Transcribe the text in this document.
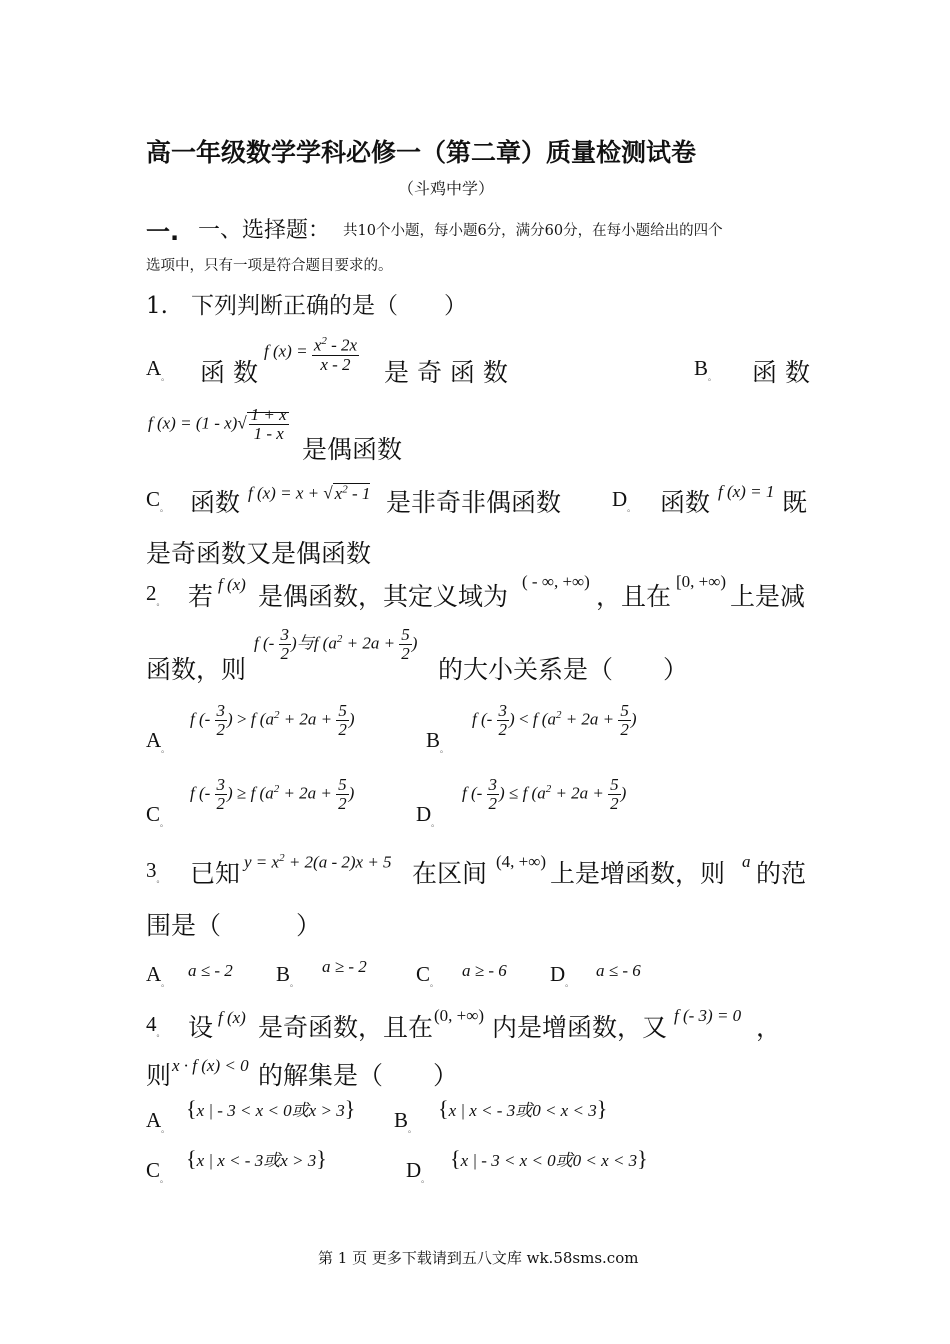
高一年级数学学科必修一（第二章）质量检测试卷
（斗鸡中学）
一. 一、选择题： 共10个小题，每小题6分，满分60分，在每小题给出的四个
选项中，只有一项是符合题目要求的。
1.　下列判断正确的是（　　）
$A_。$ 函 数
f $(x) = \frac{x^2 - 2x}{x - 2}$ 是 奇 函 数	$B_。$ 函 数
f $(x) = (1 - x)√ \frac{1 + x}{1 - x}$
是偶函数
$C_。$ 函数 f (x) = x + √ $x^2 - 1$ 是非奇非偶函数 $D_。$ 函数 f (x) = 1 既
是奇函数又是偶函数
$2_。$ 若 f (x) 是偶函数，其定义域为
( - ∞, +∞)
，且在
[0, +∞)
上是减
函数，则
f (- $\frac{3}{2}$ )与f ($a^2 + 2a + \frac{5}{2}$ )
的大小关系是（　　）
$A_。$
f (- $\frac{3}{2}$ ) > f ($a^2 + 2a + \frac{5}{2}$ )
$B_。$
f (- $\frac{3}{2}$ ) < f ($a^2 + 2a + \frac{5}{2}$ )
$C_。$
f (- $\frac{3}{2}$ ) ≥ f ($a^2 + 2a + \frac{5}{2}$ )
$D_。$
f (- $\frac{3}{2}$ ) ≤ f ($a^2 + 2a + \frac{5}{2}$ )
$3_。$ 已知 $y = x^2 + 2(a - 2)x + 5$ 在区间 (4, +∞) 上是增函数，则 a 的范
围是（　　　）
$A_。$
a ≤ - 2 $B_。$
a ≥ - 2 $C_。$
a ≥ - 6 $D_。$
a ≤ - 6
$4_。$ 设 f (x) 是奇函数，且在 (0, +∞) 内是增函数，又 f (- 3) = 0 ，
则 x · f (x) < 0 的解集是（　　）
$A_。$
{x | - 3 < x < 0或x > 3} $B_。$
{x | x < - 3或0 < x < 3}
$C_。$
{x | x < - 3或x > 3}	$D_。$
{x | - 3 < x < 0或0 < x < 3}
第 1 页 更多下载请到五八文库 wk.58sms.com
